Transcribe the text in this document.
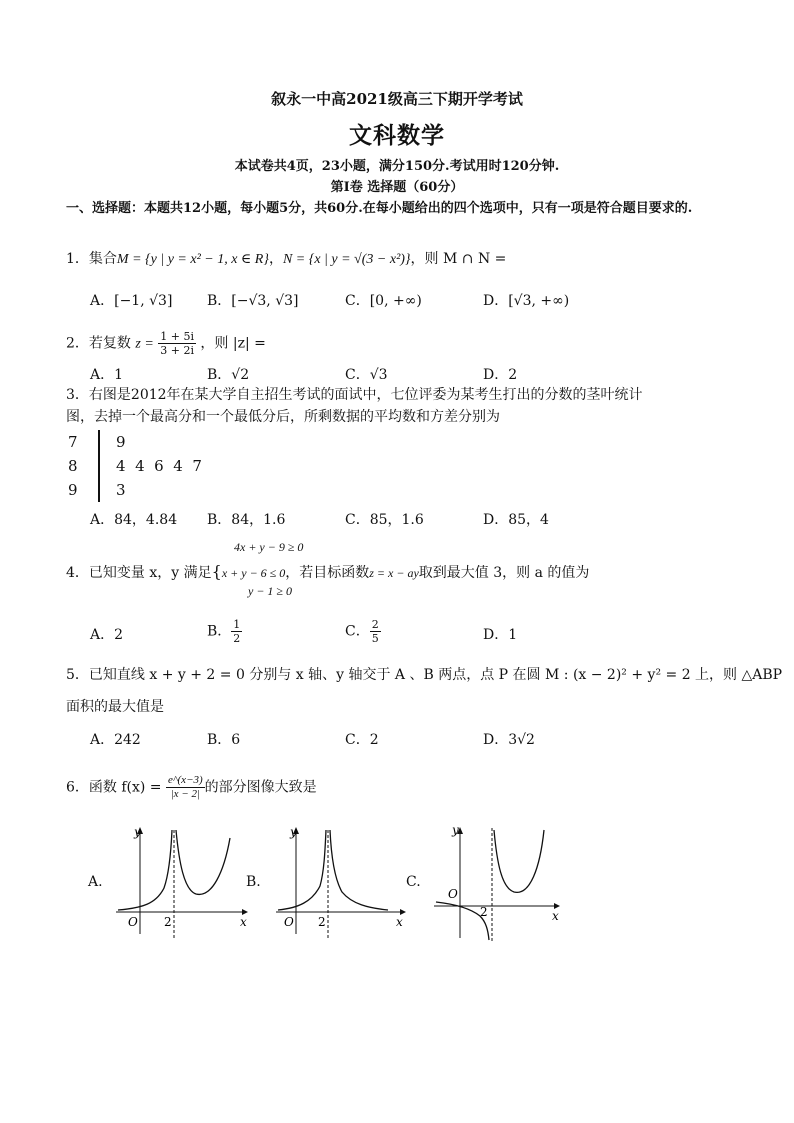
叙永一中高2021级高三下期开学考试
文科数学
本试卷共4页，23小题，满分150分.考试用时120分钟.
第Ⅰ卷 选择题（60分）
一、选择题：本题共12小题，每小题5分，共60分.在每小题给出的四个选项中，只有一项是符合题目要求的.
1．集合M = {y | y = x² − 1, x ∈ R}，N = {x | y = √(3 − x²)}，则 M ∩ N =
A．[−1, √3] B．[−√3, √3]	C．[0, +∞)	D．[√3, +∞)
2．若复数 $z = \frac{1 + 5i}{3 + 2i}$ ，则 |z| =
A．1	B．√2	C．√3	D．2
3．右图是2012年在某大学自主招生考试的面试中，七位评委为某考生打出的分数的茎叶统计
图，去掉一个最高分和一个最低分后，所剩数据的平均数和方差分别为
7	9
8	4  4  6  4  7
9	3
A．84，4.84 B．84，1.6	C．85，1.6	D．85，4
4x + y − 9 ≥ 0
4．已知变量 x，y 满足{x + y − 6 ≤ 0，若目标函数z = x − ay取到最大值 3，则 a 的值为
y − 1 ≥ 0
A．2	B． $\frac{1}{2}$	C． $\frac{2}{5}$	D．1
5．已知直线 x + y + 2 = 0 分别与 x 轴、y 轴交于 A 、B 两点，点 P 在圆 M : (x − 2)² + y² = 2 上，则 △ABP
面积的最大值是
A．242	B．6	C．2	D．3√2
6．函数 $f(x) = \frac{e\^{}(x-3)}{|x - 2|}$ 的部分图像大致是
A.
y
x
O 2
B.
y
x
O 2
C.
y
x
O
2
